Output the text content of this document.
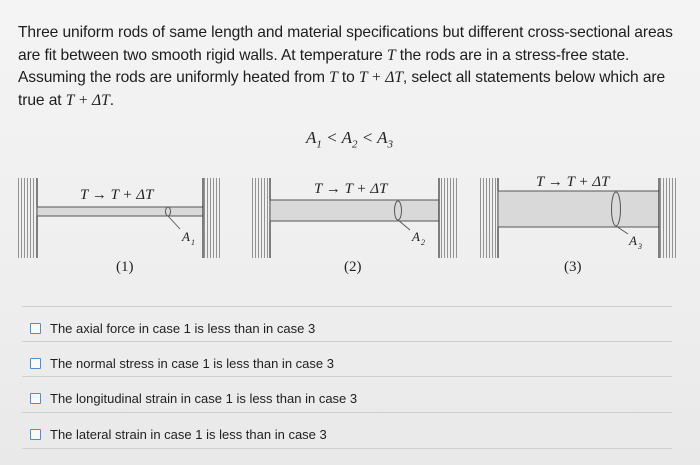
Three uniform rods of same length and material specifications but different cross-sectional areas are fit between two smooth rigid walls. At temperature T the rods are in a stress-free state. Assuming the rods are uniformly heated from T to T + ΔT, select all statements below which are true at T + ΔT.

$A_1 < A_2 < A_3$
T → T + ΔT
A 1
(1)
T → T + ΔT
A 2
(2)
T → T + ΔT
A 3
(3)
The axial force in case 1 is less than in case 3
The normal stress in case 1 is less than in case 3
The longitudinal strain in case 1 is less than in case 3
The lateral strain in case 1 is less than in case 3
